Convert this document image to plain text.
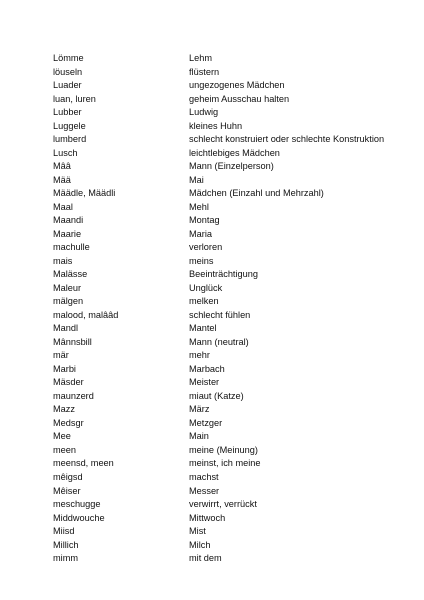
Lömme	Lehm
löuseln	flüstern
Luader	ungezogenes Mädchen
luan, luren	geheim Ausschau halten
Lubber	Ludwig
Luggele	kleines Huhn
lumberd	schlecht konstruiert oder schlechte Konstruktion
Lusch	leichtlebiges Mädchen
Mââ	Mann (Einzelperson)
Mää	Mai
Määdle, Määdli	Mädchen (Einzahl und Mehrzahl)
Maal	Mehl
Maandi	Montag
Maarie	Maria
machulle	verloren
mais	meins
Malässe	Beeinträchtigung
Maleur	Unglück
mälgen	melken
malood, malââd	schlecht fühlen
Mandl	Mantel
Mânnsbill	Mann (neutral)
mär	mehr
Marbi	Marbach
Mäsder	Meister
maunzerd	miaut (Katze)
Mazz	März
Medsgr	Metzger
Mee	Main
meen	meine (Meinung)
meensd, meen	meinst, ich meine
mêigsd	machst
Mêiser	Messer
meschugge	verwirrt, verrückt
Middwouche	Mittwoch
Miisd	Mist
Millich	Milch
mimm	mit dem
